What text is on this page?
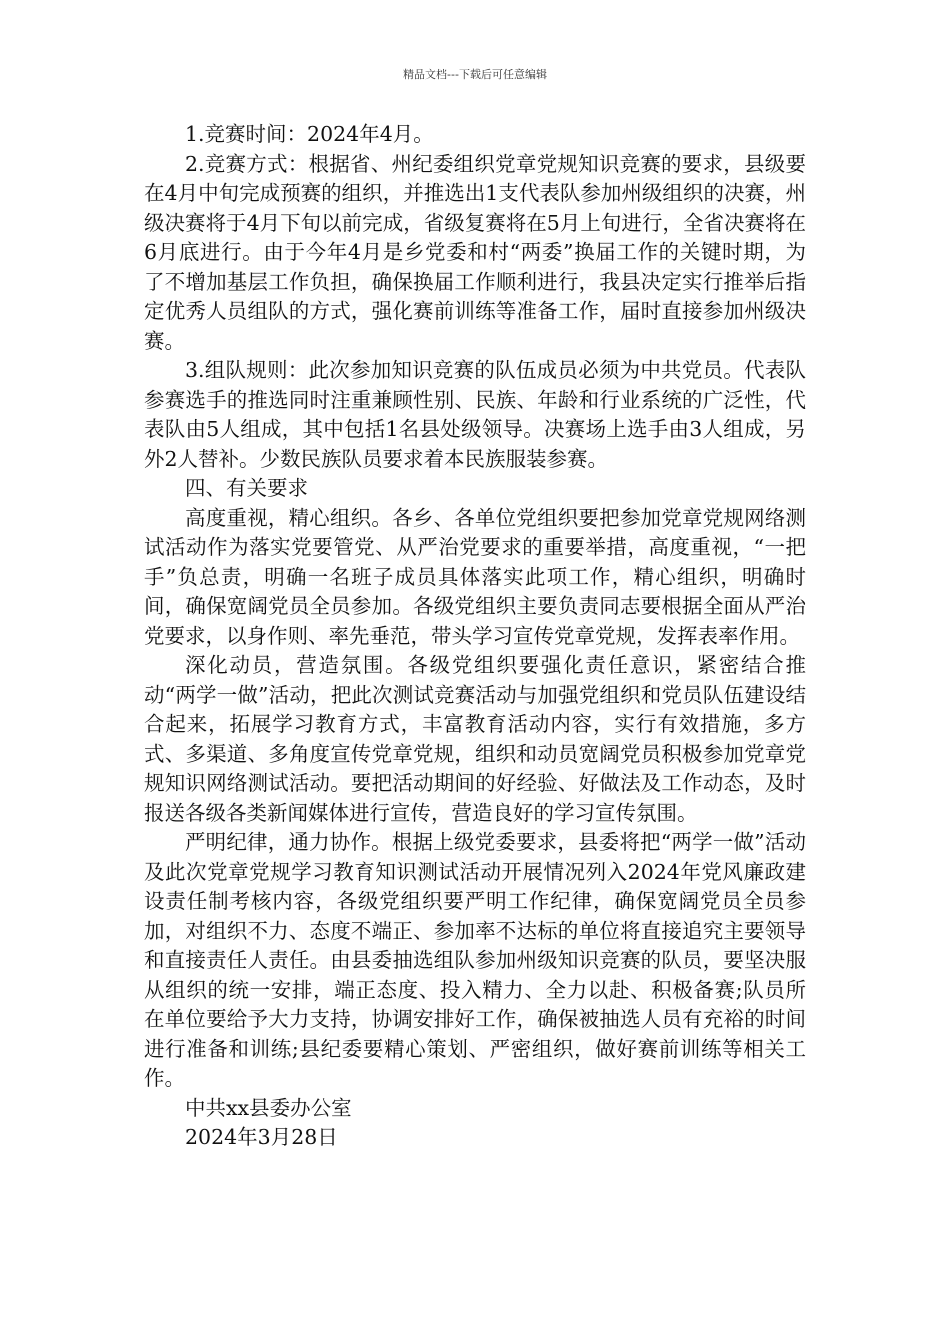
精品文档---下载后可任意编辑

1.竞赛时间：2024年4月。

2.竞赛方式：根据省、州纪委组织党章党规知识竞赛的要求，县级要在4月中旬完成预赛的组织，并推选出1支代表队参加州级组织的决赛，州级决赛将于4月下旬以前完成，省级复赛将在5月上旬进行，全省决赛将在6月底进行。由于今年4月是乡党委和村“两委”换届工作的关键时期，为了不增加基层工作负担，确保换届工作顺利进行，我县决定实行推举后指定优秀人员组队的方式，强化赛前训练等准备工作，届时直接参加州级决赛。

3.组队规则：此次参加知识竞赛的队伍成员必须为中共党员。代表队参赛选手的推选同时注重兼顾性别、民族、年龄和行业系统的广泛性，代表队由5人组成，其中包括1名县处级领导。决赛场上选手由3人组成，另外2人替补。少数民族队员要求着本民族服装参赛。

四、有关要求

高度重视，精心组织。各乡、各单位党组织要把参加党章党规网络测试活动作为落实党要管党、从严治党要求的重要举措，高度重视，“一把手”负总责，明确一名班子成员具体落实此项工作，精心组织，明确时间，确保宽阔党员全员参加。各级党组织主要负责同志要根据全面从严治党要求，以身作则、率先垂范，带头学习宣传党章党规，发挥表率作用。

深化动员，营造氛围。各级党组织要强化责任意识，紧密结合推动“两学一做”活动，把此次测试竞赛活动与加强党组织和党员队伍建设结合起来，拓展学习教育方式，丰富教育活动内容，实行有效措施，多方式、多渠道、多角度宣传党章党规，组织和动员宽阔党员积极参加党章党规知识网络测试活动。要把活动期间的好经验、好做法及工作动态，及时报送各级各类新闻媒体进行宣传，营造良好的学习宣传氛围。

严明纪律，通力协作。根据上级党委要求，县委将把“两学一做”活动及此次党章党规学习教育知识测试活动开展情况列入2024年党风廉政建设责任制考核内容，各级党组织要严明工作纪律，确保宽阔党员全员参加，对组织不力、态度不端正、参加率不达标的单位将直接追究主要领导和直接责任人责任。由县委抽选组队参加州级知识竞赛的队员，要坚决服从组织的统一安排，端正态度、投入精力、全力以赴、积极备赛;队员所在单位要给予大力支持，协调安排好工作，确保被抽选人员有充裕的时间进行准备和训练;县纪委要精心策划、严密组织，做好赛前训练等相关工作。

中共xx县委办公室

2024年3月28日
